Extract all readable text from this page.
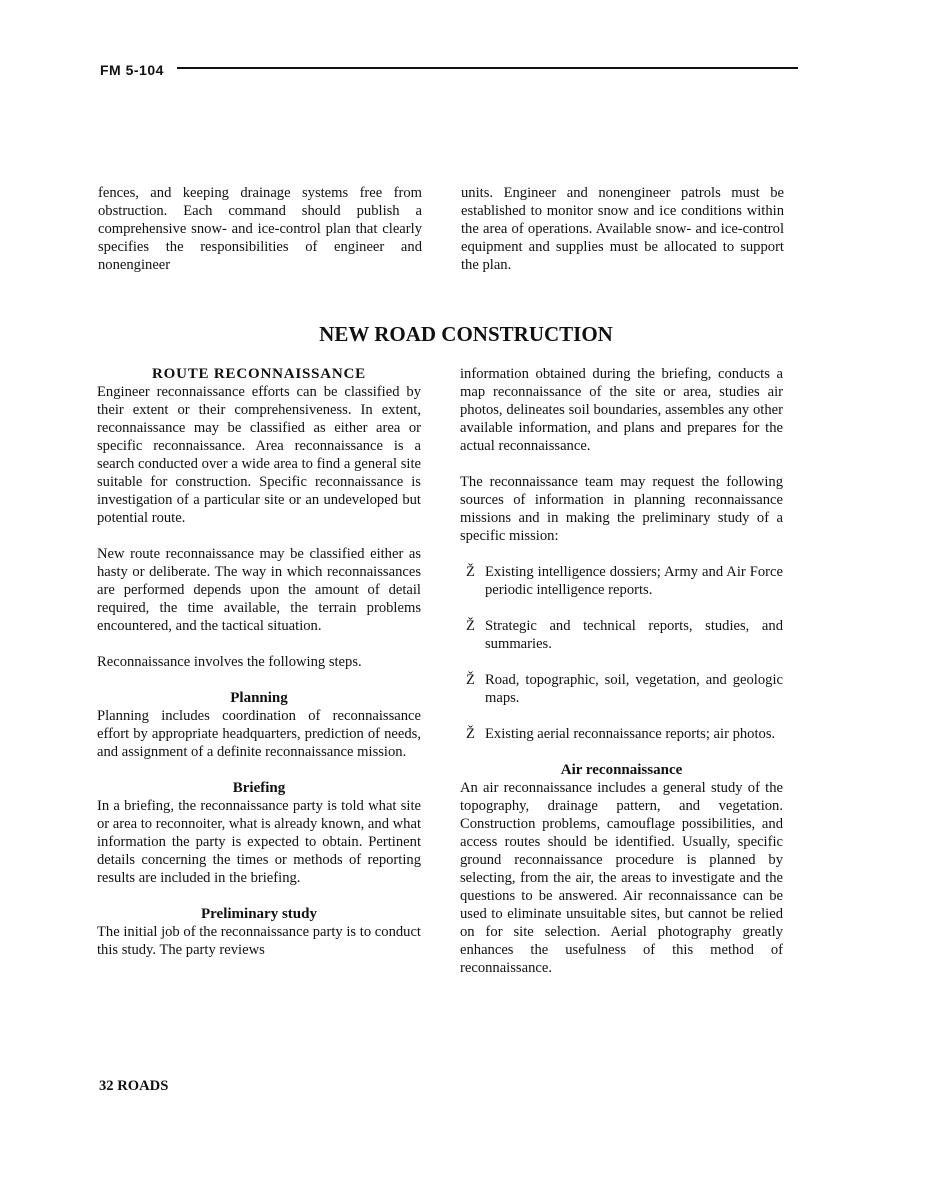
FM 5-104

fences, and keeping drainage systems free from obstruction. Each command should publish a comprehensive snow- and ice-control plan that clearly specifies the responsibilities of engineer and nonengineer

units. Engineer and nonengineer patrols must be established to monitor snow and ice conditions within the area of operations. Available snow- and ice-control equipment and supplies must be allocated to support the plan.

NEW ROAD CONSTRUCTION
ROUTE RECONNAISSANCE

Engineer reconnaissance efforts can be classified by their extent or their comprehensiveness. In extent, reconnaissance may be classified as either area or specific reconnaissance. Area reconnaissance is a search conducted over a wide area to find a general site suitable for construction. Specific reconnaissance is investigation of a particular site or an undeveloped but potential route.

New route reconnaissance may be classified either as hasty or deliberate. The way in which reconnaissances are performed depends upon the amount of detail required, the time available, the terrain problems encountered, and the tactical situation.

Reconnaissance involves the following steps.

Planning

Planning includes coordination of reconnaissance effort by appropriate headquarters, prediction of needs, and assignment of a definite reconnaissance mission.

Briefing

In a briefing, the reconnaissance party is told what site or area to reconnoiter, what is already known, and what information the party is expected to obtain. Pertinent details concerning the times or methods of reporting results are included in the briefing.

Preliminary study

The initial job of the reconnaissance party is to conduct this study. The party reviews

information obtained during the briefing, conducts a map reconnaissance of the site or area, studies air photos, delineates soil boundaries, assembles any other available information, and plans and prepares for the actual reconnaissance.

The reconnaissance team may request the following sources of information in planning reconnaissance missions and in making the preliminary study of a specific mission:

Ž Existing intelligence dossiers; Army and Air Force periodic intelligence reports.
Ž Strategic and technical reports, studies, and summaries.
Ž Road, topographic, soil, vegetation, and geologic maps.
Ž Existing aerial reconnaissance reports; air photos.
Air reconnaissance

An air reconnaissance includes a general study of the topography, drainage pattern, and vegetation. Construction problems, camouflage possibilities, and access routes should be identified. Usually, specific ground reconnaissance procedure is planned by selecting, from the air, the areas to investigate and the questions to be answered. Air reconnaissance can be used to eliminate unsuitable sites, but cannot be relied on for site selection. Aerial photography greatly enhances the usefulness of this method of reconnaissance.

32 ROADS
